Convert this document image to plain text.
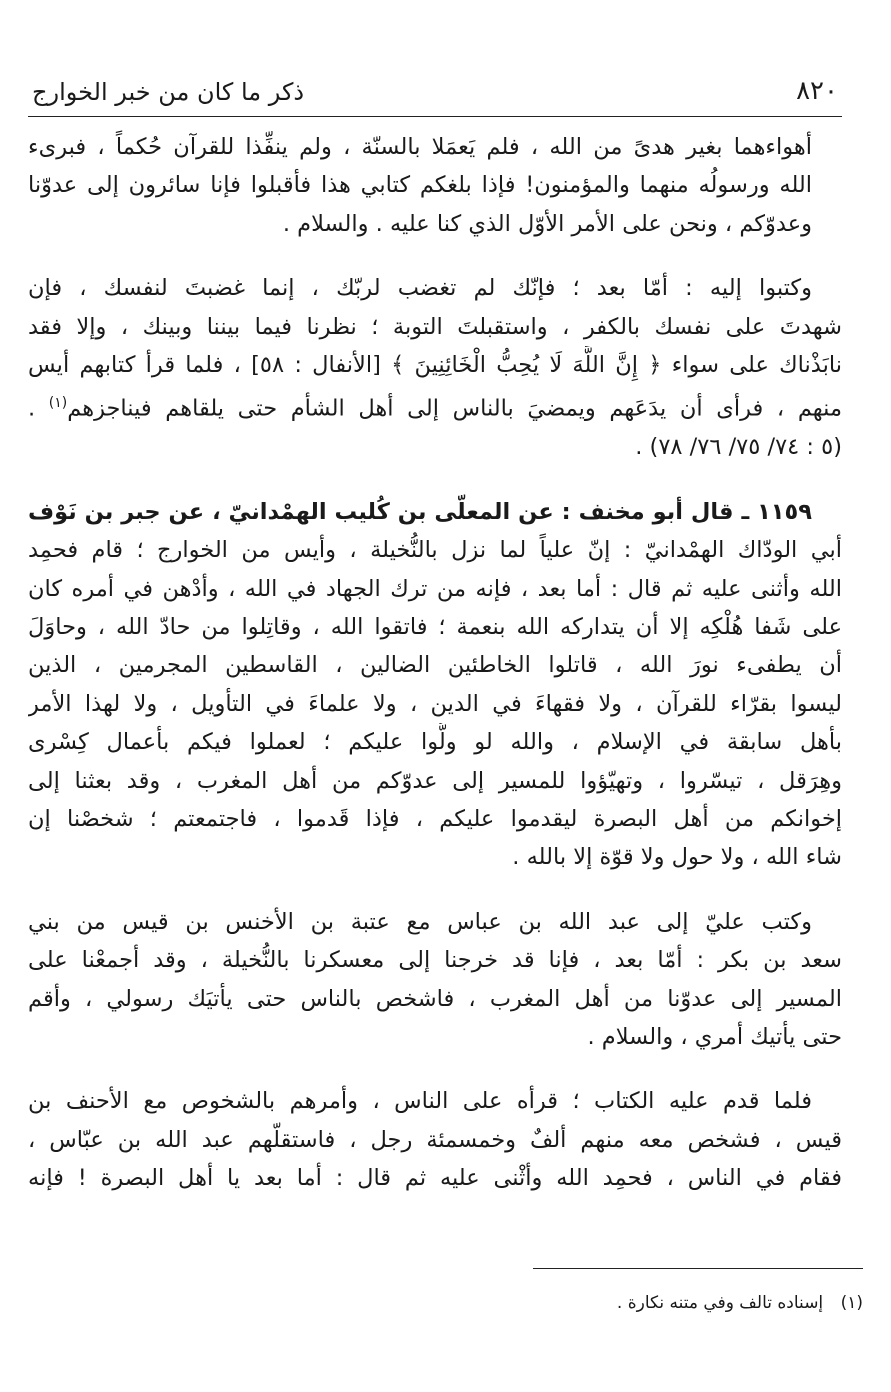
٨٢٠
ذكر ما كان من خبر الخوارج

أهواءهما بغير هدىً من الله ، فلم يَعمَلا بالسنّة ، ولم ينفِّذا للقرآن حُكماً ، فبرىء
الله ورسولُه منهما والمؤمنون! فإذا بلغكم كتابي هذا فأقبلوا فإنا سائرون إلى عدوّنا
وعدوّكم ، ونحن على الأمر الأوّل الذي كنا عليه . والسلام .

وكتبوا إليه : أمّا بعد ؛ فإنّك لم تغضب لربّك ، إنما غضبتَ لنفسك ، فإن
شهدتَ على نفسك بالكفر ، واستقبلتَ التوبة ؛ نظرنا فيما بيننا وبينك ، وإلا فقد
نابَذْناك على سواء ﴿ إِنَّ اللَّهَ لَا يُحِبُّ الْخَائِنِينَ ﴾ [الأنفال : ٥٨] ، فلما قرأ كتابهم أيس
منهم ، فرأى أن يدَعَهم ويمضيَ بالناس إلى أهل الشأم حتى يلقاهم فيناجزهم$^{(١)}$ .
(٥ : ٧٤/ ٧٥/ ٧٦/ ٧٨) .

١١٥٩ ـ قال أبو مخنف : عن المعلّى بن كُليب الهمْدانيّ ، عن جبر بن نَوْف
أبي الودّاك الهمْدانيّ : إنّ علياً لما نزل بالنُّخيلة ، وأيس من الخوارج ؛ قام فحمِد
الله وأثنى عليه ثم قال : أما بعد ، فإنه من ترك الجهاد في الله ، وأدْهن في أمره كان
على شَفا هُلْكِه إلا أن يتداركه الله بنعمة ؛ فاتقوا الله ، وقاتِلوا من حادّ الله ، وحاوَلَ
أن يطفىء نورَ الله ، قاتلوا الخاطئين الضالين ، القاسطين المجرمين ، الذين
ليسوا بقرّاء للقرآن ، ولا فقهاءَ في الدين ، ولا علماءَ في التأويل ، ولا لهذا الأمر
بأهل سابقة في الإسلام ، والله لو ولُّوا عليكم ؛ لعملوا فيكم بأعمال كِسْرى
وهِرَقل ، تيسّروا ، وتهيّؤوا للمسير إلى عدوّكم من أهل المغرب ، وقد بعثنا إلى
إخوانكم من أهل البصرة ليقدموا عليكم ، فإذا قَدموا ، فاجتمعتم ؛ شخصْنا إن
شاء الله ، ولا حول ولا قوّة إلا بالله .

وكتب عليّ إلى عبد الله بن عباس مع عتبة بن الأخنس بن قيس من بني
سعد بن بكر : أمّا بعد ، فإنا قد خرجنا إلى معسكرنا بالنُّخيلة ، وقد أجمعْنا على
المسير إلى عدوّنا من أهل المغرب ، فاشخص بالناس حتى يأتيَك رسولي ، وأقم
حتى يأتيك أمري ، والسلام .

فلما قدم عليه الكتاب ؛ قرأه على الناس ، وأمرهم بالشخوص مع الأحنف بن
قيس ، فشخص معه منهم ألفٌ وخمسمئة رجل ، فاستقلّهم عبد الله بن عبّاس ،
فقام في الناس ، فحمِد الله وأثْنى عليه ثم قال : أما بعد يا أهل البصرة ! فإنه

(١) إسناده تالف وفي متنه نكارة .
